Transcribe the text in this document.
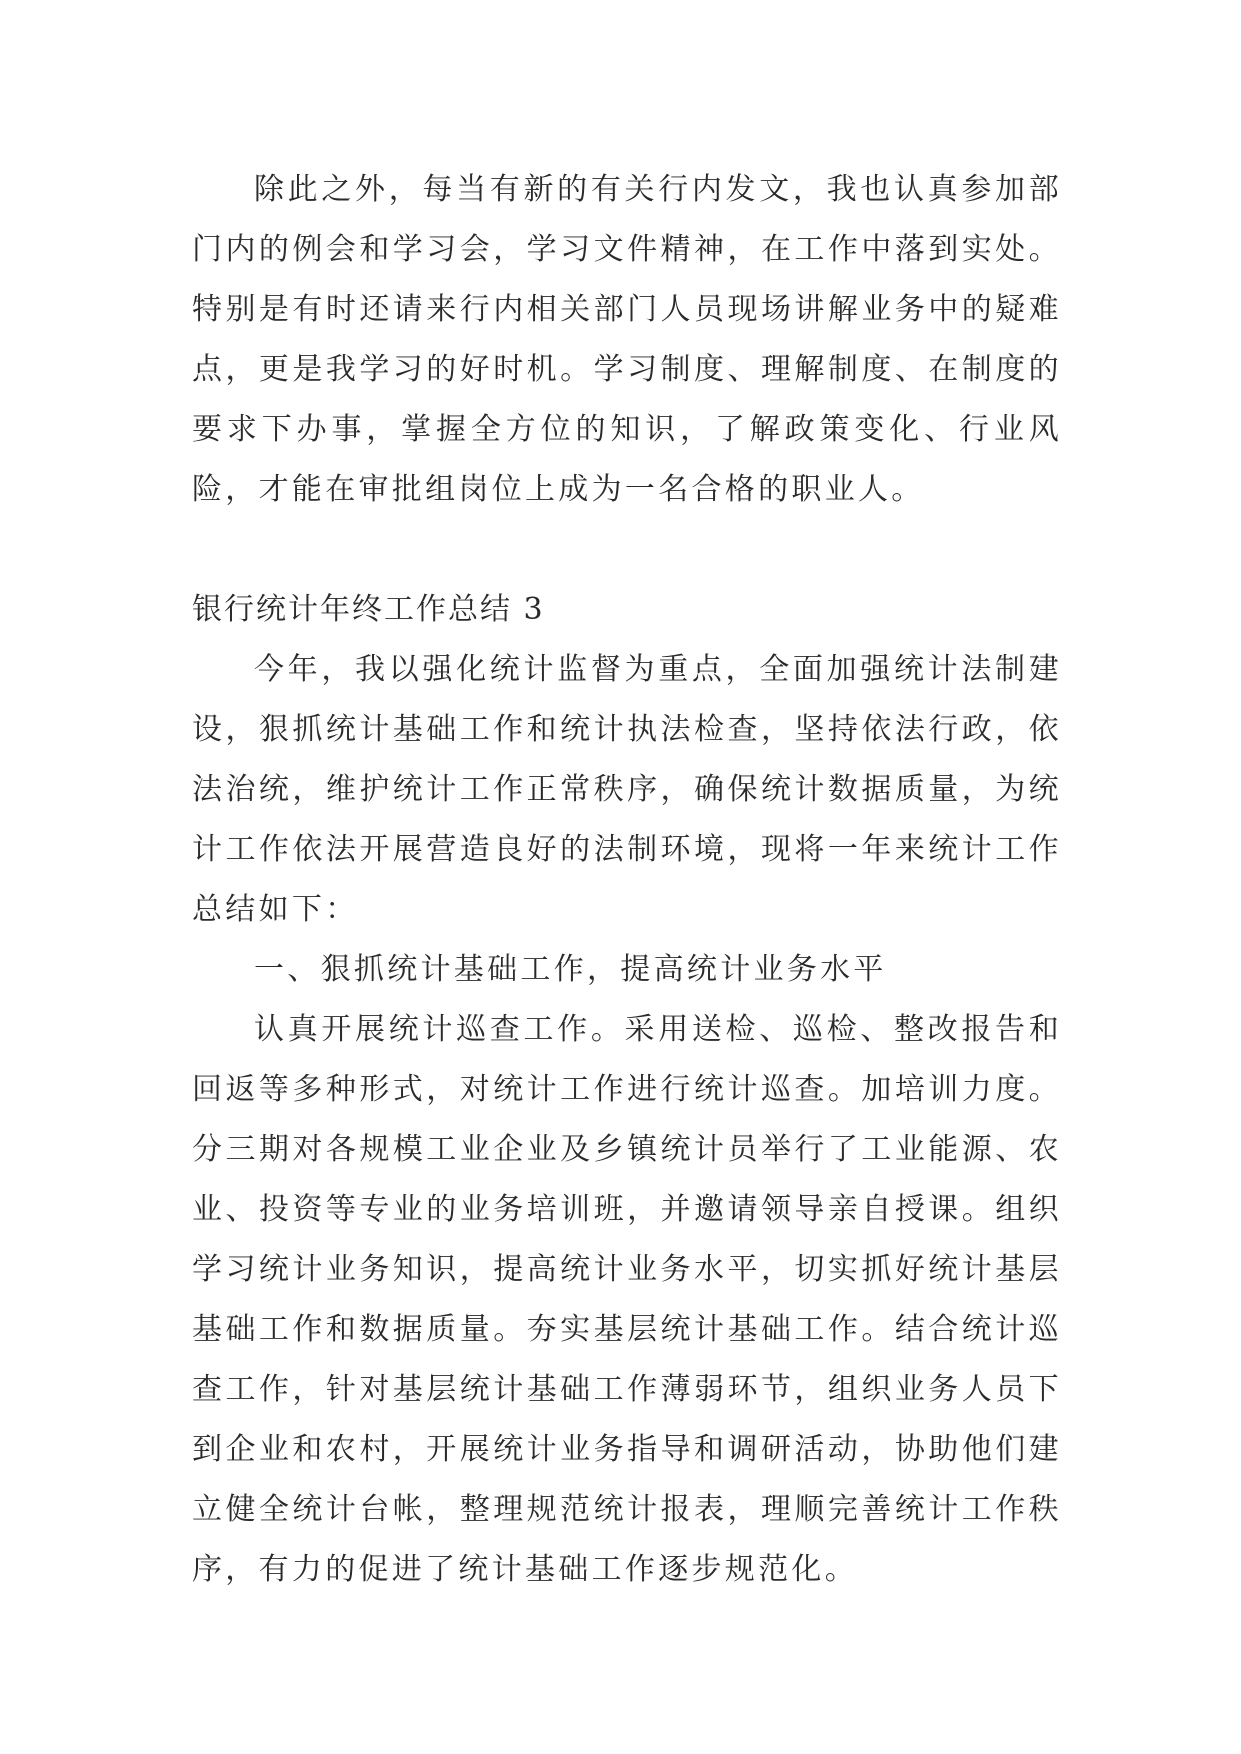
除此之外，每当有新的有关行内发文，我也认真参加部门内的例会和学习会，学习文件精神，在工作中落到实处。特别是有时还请来行内相关部门人员现场讲解业务中的疑难点，更是我学习的好时机。学习制度、理解制度、在制度的要求下办事，掌握全方位的知识，了解政策变化、行业风险，才能在审批组岗位上成为一名合格的职业人。

银行统计年终工作总结 3

今年，我以强化统计监督为重点，全面加强统计法制建设，狠抓统计基础工作和统计执法检查，坚持依法行政，依法治统，维护统计工作正常秩序，确保统计数据质量，为统计工作依法开展营造良好的法制环境，现将一年来统计工作总结如下：

一、狠抓统计基础工作，提高统计业务水平

认真开展统计巡查工作。采用送检、巡检、整改报告和回返等多种形式，对统计工作进行统计巡查。加培训力度。分三期对各规模工业企业及乡镇统计员举行了工业能源、农业、投资等专业的业务培训班，并邀请领导亲自授课。组织学习统计业务知识，提高统计业务水平，切实抓好统计基层基础工作和数据质量。夯实基层统计基础工作。结合统计巡查工作，针对基层统计基础工作薄弱环节，组织业务人员下到企业和农村，开展统计业务指导和调研活动，协助他们建立健全统计台帐，整理规范统计报表，理顺完善统计工作秩序，有力的促进了统计基础工作逐步规范化。
